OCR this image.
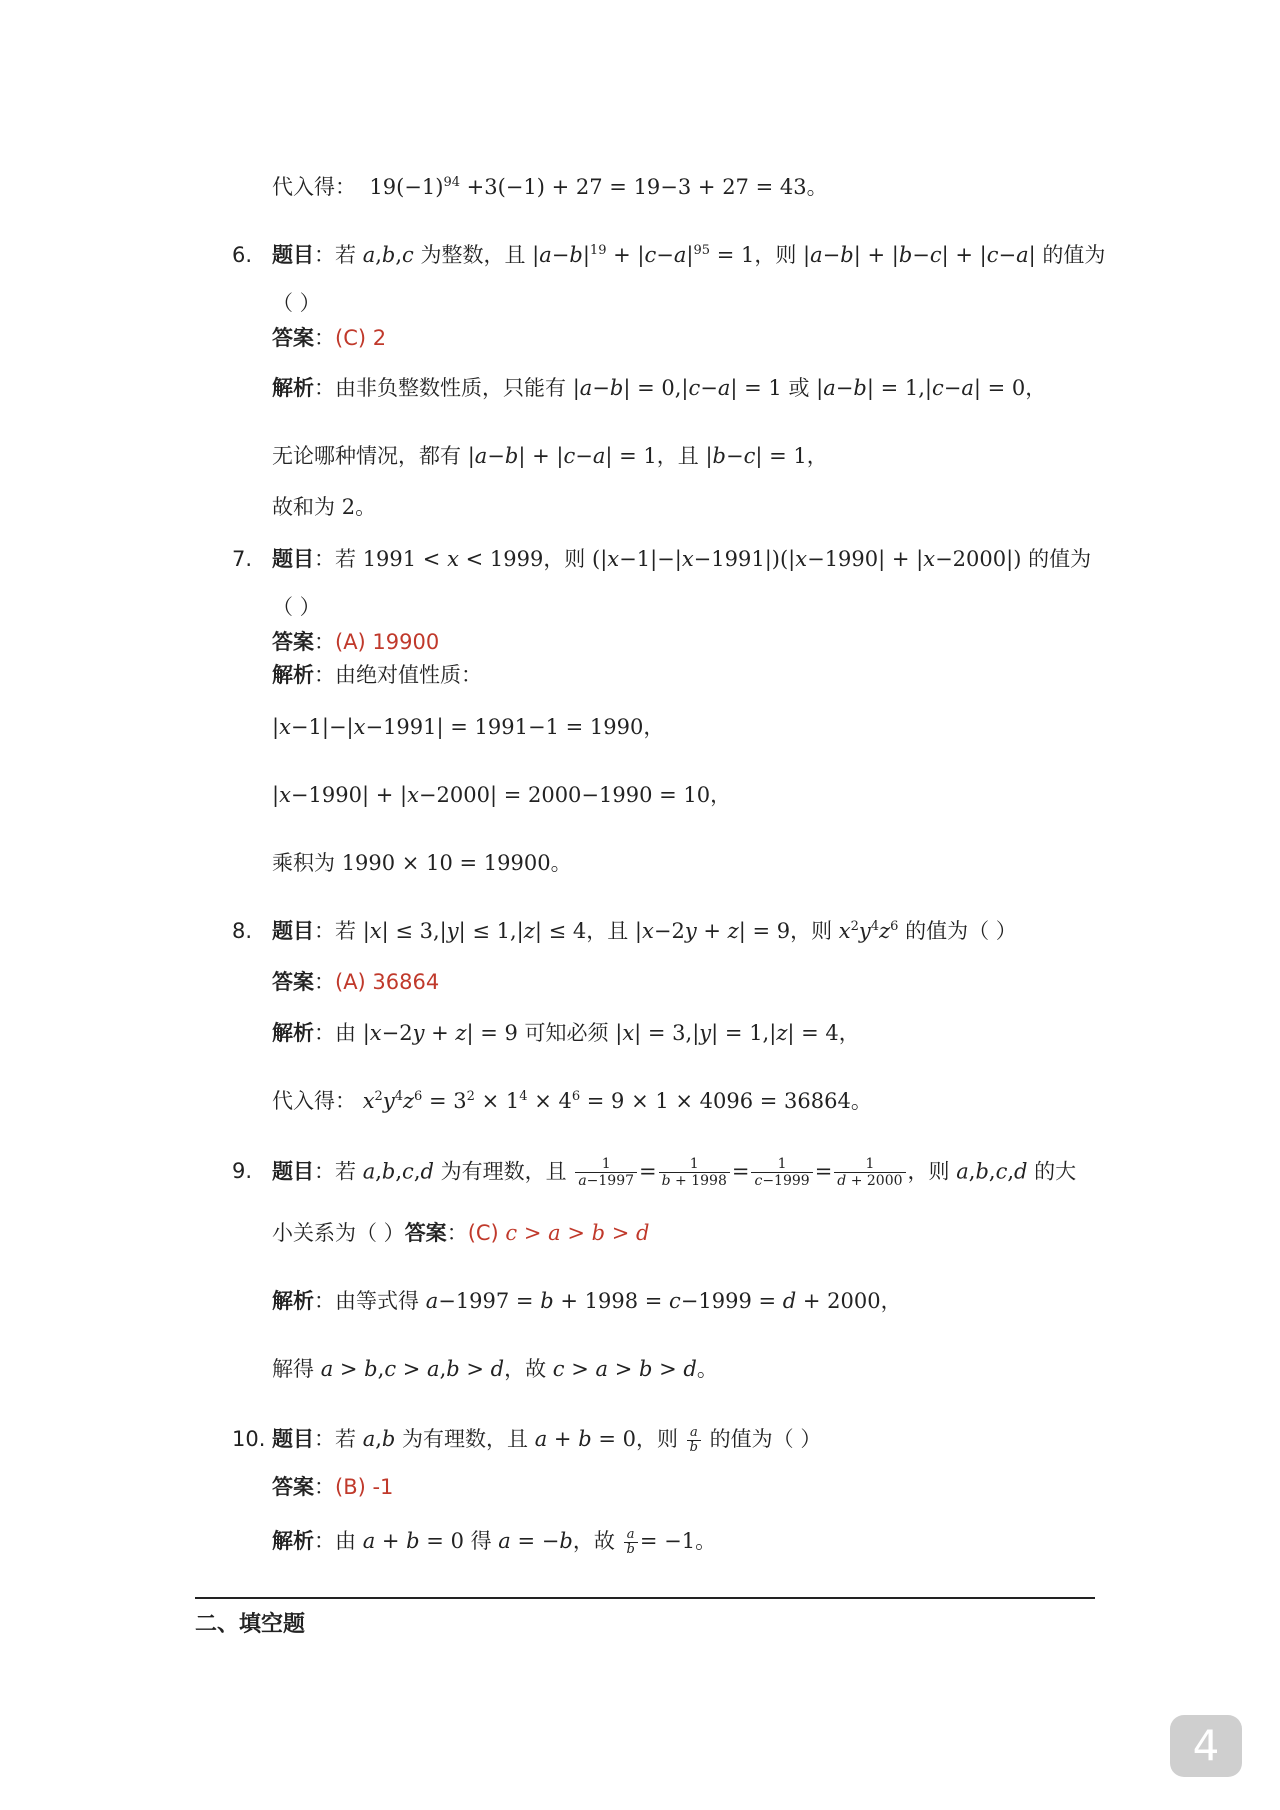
代入得： $19(-1)^{94} +3(-1) + 27 = 19-3 + 27 = 43$。
6. 题目：若 a,b,c 为整数，且 $|a-b|^{19} + |c-a|^{95} = 1$，则 |a−b| + |b−c| + |c−a| 的值为
（ ）
答案：(C) 2
解析：由非负整数性质，只能有 |a−b| = 0,|c−a| = 1 或 |a−b| = 1,|c−a| = 0，
无论哪种情况，都有 |a−b| + |c−a| = 1，且 |b−c| = 1，
故和为 2。
7. 题目：若 1991 < x < 1999，则 (|x−1|−|x−1991|)(|x−1990| + |x−2000|) 的值为
（ ）
答案：(A) 19900
解析：由绝对值性质：
|x−1|−|x−1991| = 1991−1 = 1990，
|x−1990| + |x−2000| = 2000−1990 = 10，
乘积为 1990 × 10 = 19900。
8. 题目：若 |x| ≤ 3,|y| ≤ 1,|z| ≤ 4，且 |x−2y + z| = 9，则 $x^2y^4z^6$ 的值为（ ）
答案：(A) 36864
解析：由 |x−2y + z| = 9 可知必须 |x| = 3,|y| = 1,|z| = 4，
代入得： $x^2y^4z^6 = 3^2 \times 1^4 \times 4^6 = 9 \times 1 \times 4096 = 36864$。
9. 题目：若 a,b,c,d 为有理数，且 $\frac{1}{a-1997} = \frac{1}{b + 1998} = \frac{1}{c-1999} = \frac{1}{d + 2000}$ ，则 a,b,c,d 的大
小关系为（ ）答案：(C) c > a > b > d
解析：由等式得 a−1997 = b + 1998 = c−1999 = d + 2000，
解得 a > b,c > a,b > d，故 c > a > b > d。
10. 题目：若 a,b 为有理数，且 a + b = 0，则 $\frac{a}{b}$ 的值为（ ）
答案：(B) -1
解析：由 a + b = 0 得 a = −b，故 $\frac{a}{b} = -1$。
二、填空题
4
